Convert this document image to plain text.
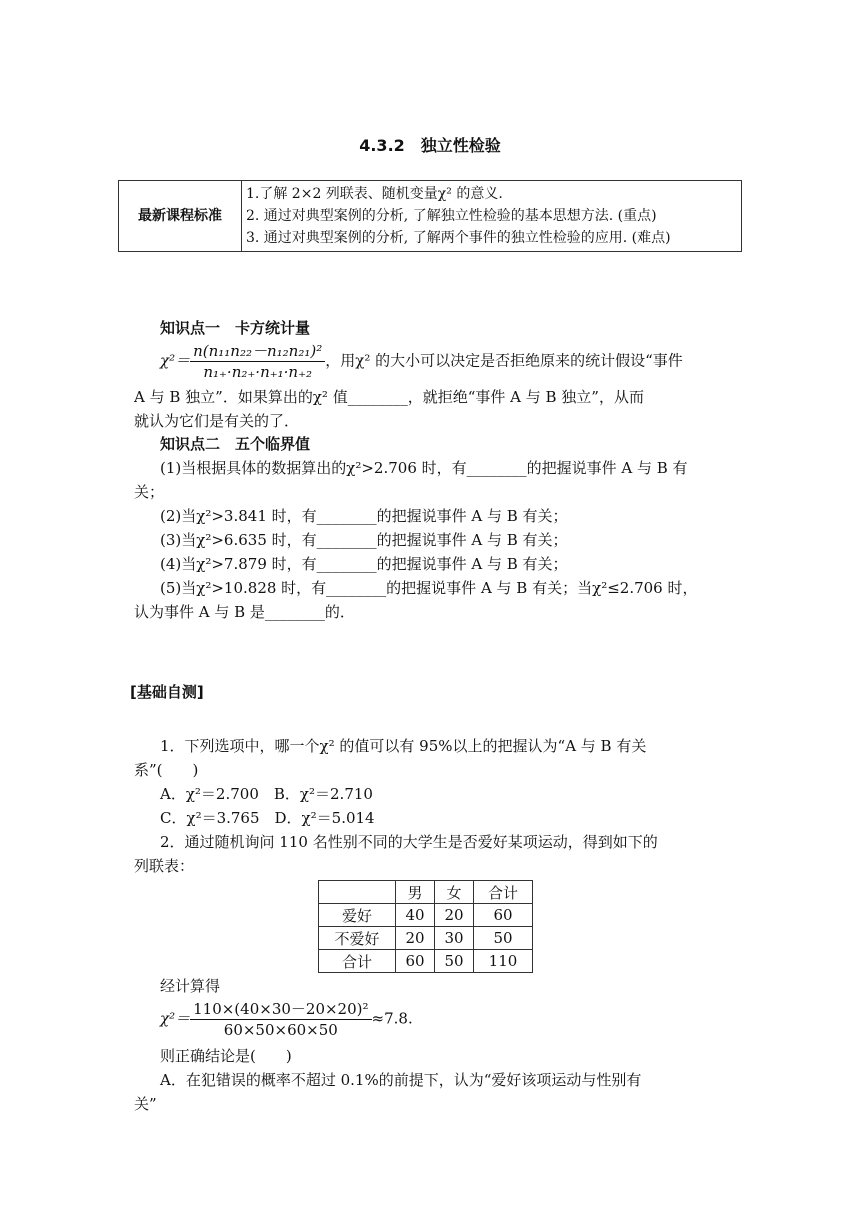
4.3.2　独立性检验
最新课程标准	
1.了解 2×2 列联表、随机变量χ² 的意义.
2. 通过对典型案例的分析, 了解独立性检验的基本思想方法. (重点)
3. 通过对典型案例的分析, 了解两个事件的独立性检验的应用. (难点)
知识点一　卡方统计量
$\chi^2= \frac{\text{n(n₁₁n₂₂－n₁₂n₂₁)²}}{\text{n₁₊·n₂₊·n₊₁·n₊₂}}$ ，用χ² 的大小可以决定是否拒绝原来的统计假设“事件
A 与 B 独立”．如果算出的χ² 值________，就拒绝“事件 A 与 B 独立”，从而
就认为它们是有关的了．
知识点二　五个临界值
(1)当根据具体的数据算出的χ²>2.706 时，有________的把握说事件 A 与 B 有
关；
(2)当χ²>3.841 时，有________的把握说事件 A 与 B 有关；
(3)当χ²>6.635 时，有________的把握说事件 A 与 B 有关；
(4)当χ²>7.879 时，有________的把握说事件 A 与 B 有关；
(5)当χ²>10.828 时，有________的把握说事件 A 与 B 有关；当χ²≤2.706 时，
认为事件 A 与 B 是________的．
[基础自测]
1．下列选项中，哪一个χ² 的值可以有 95%以上的把握认为“A 与 B 有关
系”(　　)
A．χ²＝2.700　B．χ²＝2.710
C．χ²＝3.765　D．χ²＝5.014
2．通过随机询问 110 名性别不同的大学生是否爱好某项运动，得到如下的
列联表：
	男	女	合计
爱好	40	20	60
不爱好	20	30	50
合计	60	50	110
经计算得
$\chi^2= \frac{\text{110×(40×30－20×20)²}}{60\times 50\times 60\times 50} \approx 7.8$.
则正确结论是(　　)
A．在犯错误的概率不超过 0.1%的前提下，认为“爱好该项运动与性别有
关”
